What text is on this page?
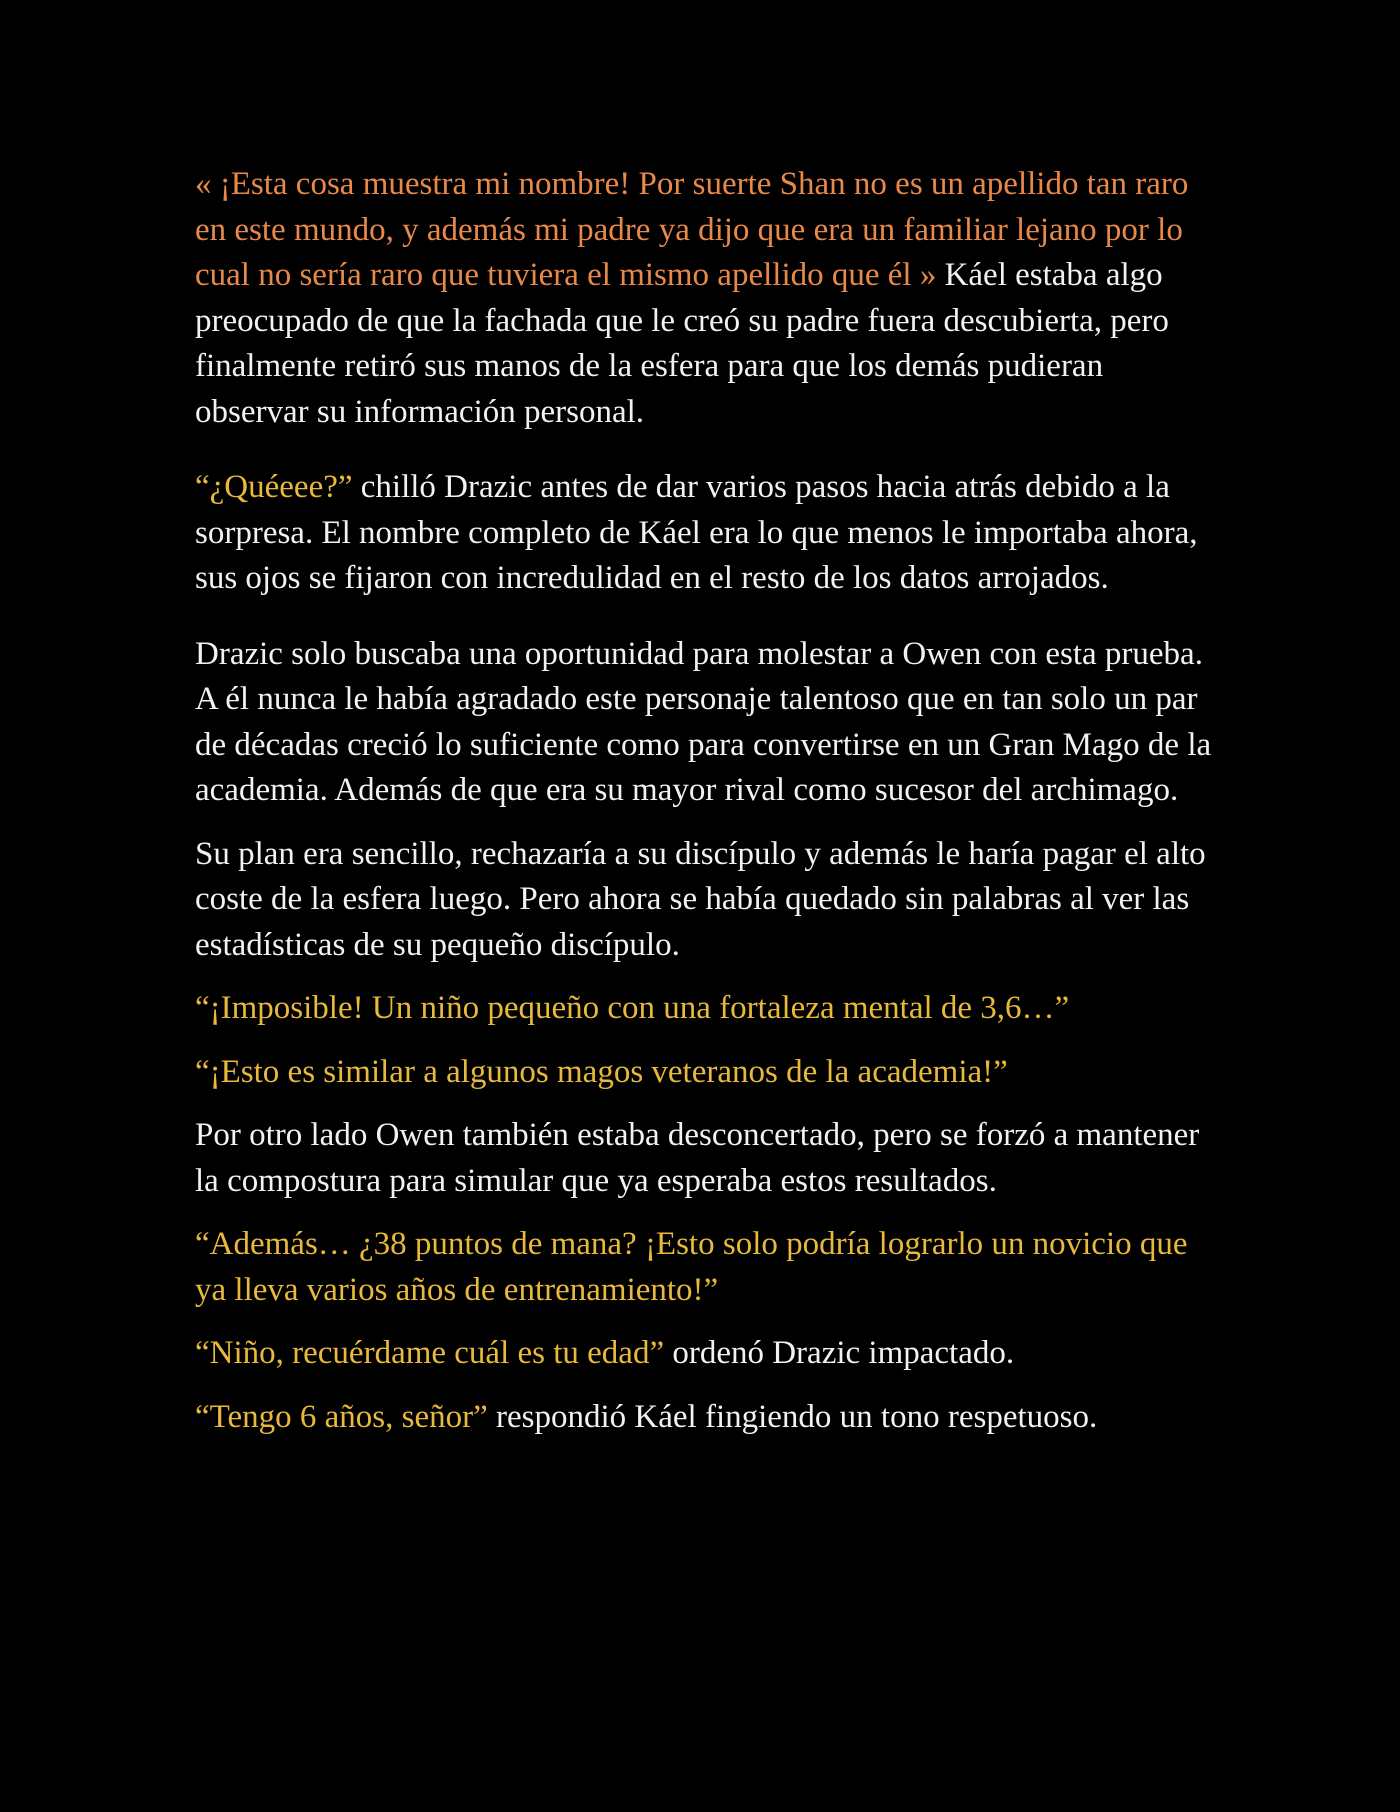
« ¡Esta cosa muestra mi nombre! Por suerte Shan no es un apellido tan raro en este mundo, y además mi padre ya dijo que era un familiar lejano por lo cual no sería raro que tuviera el mismo apellido que él » Káel estaba algo preocupado de que la fachada que le creó su padre fuera descubierta, pero finalmente retiró sus manos de la esfera para que los demás pudieran observar su información personal.

“¿Quéeee?” chilló Drazic antes de dar varios pasos hacia atrás debido a la sorpresa. El nombre completo de Káel era lo que menos le importaba ahora, sus ojos se fijaron con incredulidad en el resto de los datos arrojados.

Drazic solo buscaba una oportunidad para molestar a Owen con esta prueba. A él nunca le había agradado este personaje talentoso que en tan solo un par de décadas creció lo suficiente como para convertirse en un Gran Mago de la academia. Además de que era su mayor rival como sucesor del archimago.

Su plan era sencillo, rechazaría a su discípulo y además le haría pagar el alto coste de la esfera luego. Pero ahora se había quedado sin palabras al ver las estadísticas de su pequeño discípulo.

“¡Imposible! Un niño pequeño con una fortaleza mental de 3,6…”

“¡Esto es similar a algunos magos veteranos de la academia!”

Por otro lado Owen también estaba desconcertado, pero se forzó a mantener la compostura para simular que ya esperaba estos resultados.

“Además… ¿38 puntos de mana? ¡Esto solo podría lograrlo un novicio que ya lleva varios años de entrenamiento!”

“Niño, recuérdame cuál es tu edad” ordenó Drazic impactado.

“Tengo 6 años, señor” respondió Káel fingiendo un tono respetuoso.
